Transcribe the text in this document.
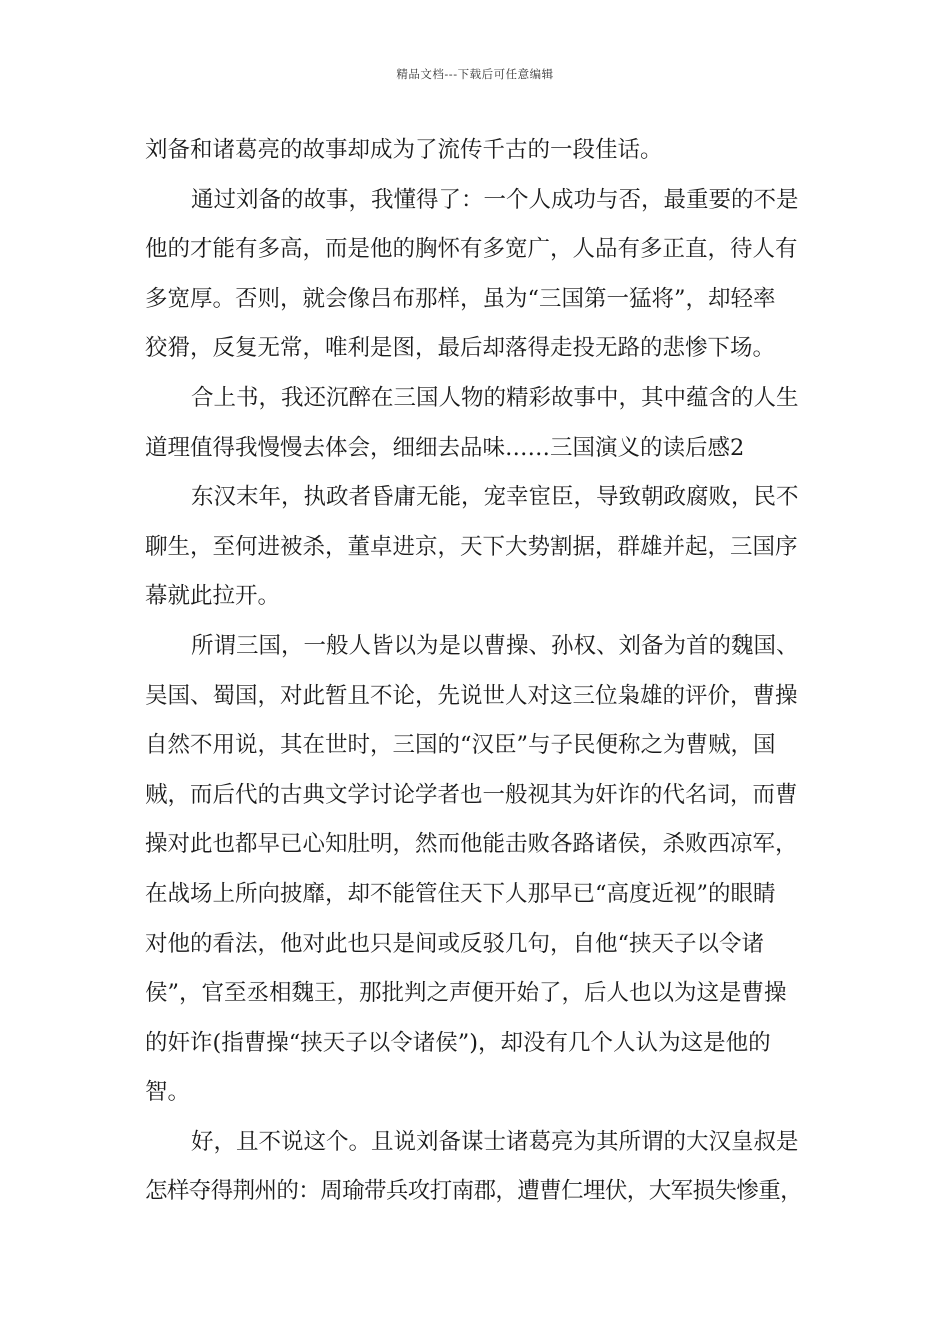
精品文档---下载后可任意编辑
刘备和诸葛亮的故事却成为了流传千古的一段佳话。
通过刘备的故事，我懂得了：一个人成功与否，最重要的不是
他的才能有多高，而是他的胸怀有多宽广，人品有多正直，待人有
多宽厚。否则，就会像吕布那样，虽为“三国第一猛将”，却轻率
狡猾，反复无常，唯利是图，最后却落得走投无路的悲惨下场。
合上书，我还沉醉在三国人物的精彩故事中，其中蕴含的人生
道理值得我慢慢去体会，细细去品味……三国演义的读后感2
东汉末年，执政者昏庸无能，宠幸宦臣，导致朝政腐败，民不
聊生，至何进被杀，董卓进京，天下大势割据，群雄并起，三国序
幕就此拉开。
所谓三国，一般人皆以为是以曹操、孙权、刘备为首的魏国、
吴国、蜀国，对此暂且不论，先说世人对这三位枭雄的评价，曹操
自然不用说，其在世时，三国的“汉臣”与子民便称之为曹贼，国
贼，而后代的古典文学讨论学者也一般视其为奸诈的代名词，而曹
操对此也都早已心知肚明，然而他能击败各路诸侯，杀败西凉军，
在战场上所向披靡，却不能管住天下人那早已“高度近视”的眼睛
对他的看法，他对此也只是间或反驳几句，自他“挟天子以令诸
侯”，官至丞相魏王，那批判之声便开始了，后人也以为这是曹操
的奸诈(指曹操“挟天子以令诸侯”)，却没有几个人认为这是他的
智。
好，且不说这个。且说刘备谋士诸葛亮为其所谓的大汉皇叔是
怎样夺得荆州的：周瑜带兵攻打南郡，遭曹仁埋伏，大军损失惨重，
